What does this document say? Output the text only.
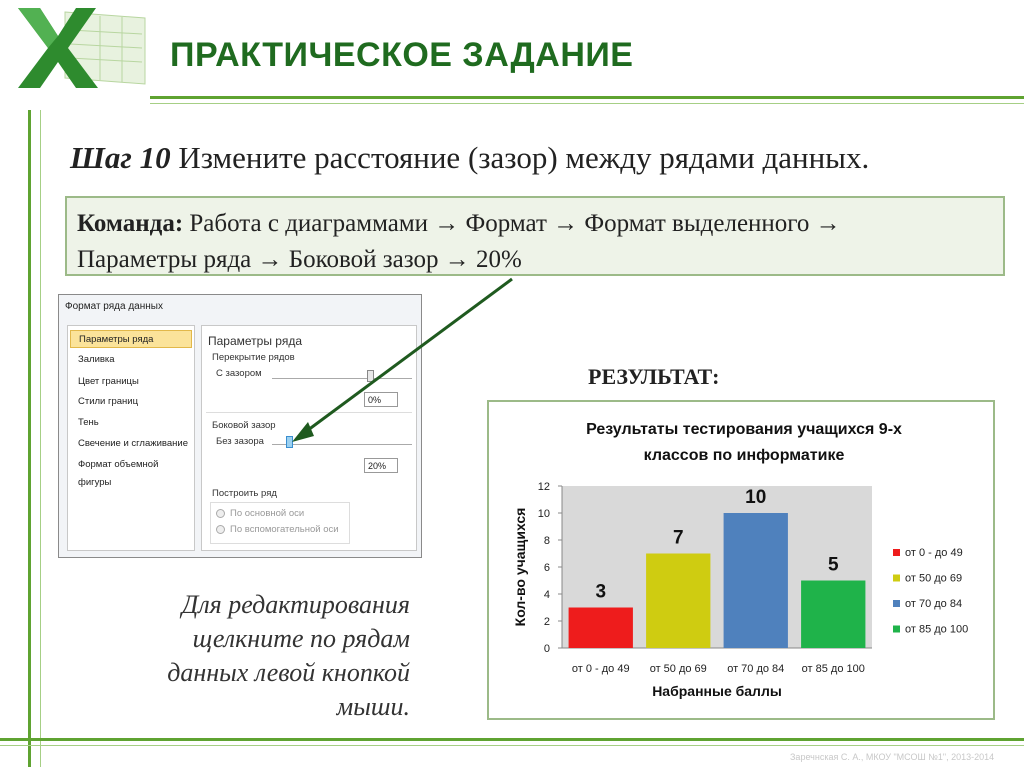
ПРАКТИЧЕСКОЕ ЗАДАНИЕ
Шаг 10 Измените расстояние (зазор) между рядами данных.
Команда: Работа с диаграммами → Формат → Формат выделенного →
Параметры ряда → Боковой зазор → 20%
Формат ряда данных
Параметры ряда
Заливка
Цвет границы
Стили границ
Тень
Свечение и сглаживание
Формат объемной фигуры
Параметры ряда
Перекрытие рядов
С зазором
0%
Боковой зазор
Без зазора
20%
Построить ряд
По основной оси
По вспомогательной оси
Для редактирования
щелкните по рядам
данных левой кнопкой
мыши.
РЕЗУЛЬТАТ:
Результаты тестирования учащихся 9-х
классов по информатике
0
2
4
6
8
10
12
3
от 0 - до 49
7
от 50 до 69
10
от 70 до 84
5
от 85 до 100
Набранные баллы
Кол-во учащихся	от 0 - до 49
от 50 до 69
от 70 до 84
от 85 до 100
Заречнская С. А., МКОУ "МСОШ №1", 2013-2014
